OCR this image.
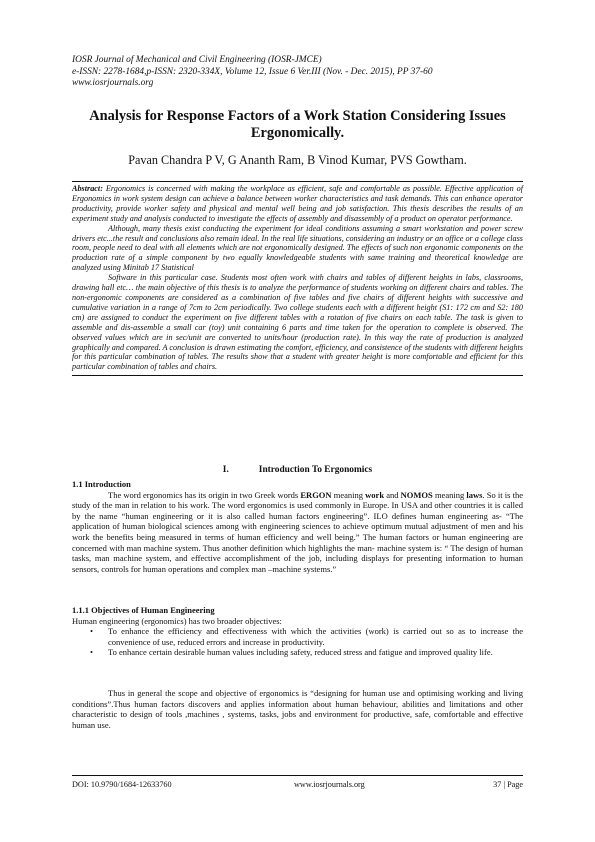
IOSR Journal of Mechanical and Civil Engineering (IOSR-JMCE)
e-ISSN: 2278-1684,p-ISSN: 2320-334X, Volume 12, Issue 6 Ver.III (Nov. - Dec. 2015), PP 37-60
www.iosrjournals.org
Analysis for Response Factors of a Work Station Considering Issues Ergonomically.
Pavan Chandra P V, G Ananth Ram, B Vinod Kumar, PVS Gowtham.

Abstract: Ergonomics is concerned with making the workplace as efficient, safe and comfortable as possible. Effective application of Ergonomics in work system design can achieve a balance between worker characteristics and task demands. This can enhance operator productivity, provide worker safety and physical and mental well being and job satisfaction. This thesis describes the results of an experiment study and analysis conducted to investigate the effects of assembly and disassembly of a product on operator performance.

Although, many thesis exist conducting the experiment for ideal conditions assuming a smart workstation and power screw drivers etc...the result and conclusions also remain ideal. In the real life situations, considering an industry or an office or a college class room, people need to deal with all elements which are not ergonomically designed. The effects of such non ergonomic components on the production rate of a simple component by two equally knowledgeable students with same training and theoretical knowledge are analyzed using Minitab 17 Statistical

Software in this particular case. Students most often work with chairs and tables of different heights in labs, classrooms, drawing hall etc… the main objective of this thesis is to analyze the performance of students working on different chairs and tables. The non-ergonomic components are considered as a combination of five tables and five chairs of different heights with successive and cumulative variation in a range of 7cm to 2cm periodically. Two college students each with a different height (S1: 172 cm and S2: 180 cm) are assigned to conduct the experiment on five different tables with a rotation of five chairs on each table. The task is given to assemble and dis-assemble a small car (toy) unit containing 6 parts and time taken for the operation to complete is observed. The observed values which are in sec/unit are converted to units/hour (production rate). In this way the rate of production is analyzed graphically and compared. A conclusion is drawn estimating the comfort, efficiency, and consistence of the students with different heights for this particular combination of tables. The results show that a student with greater height is more comfortable and efficient for this particular combination of tables and chairs.

I.	Introduction To Ergonomics

1.1 Introduction

The word ergonomics has its origin in two Greek words ERGON meaning work and NOMOS meaning laws. So it is the study of the man in relation to his work. The word ergonomics is used commonly in Europe. In USA and other countries it is called by the name “human engineering or it is also called human factors engineering”. ILO defines human engineering as- “The application of human biological sciences among with engineering sciences to achieve optimum mutual adjustment of men and his work the benefits being measured in terms of human efficiency and well being.” The human factors or human engineering are concerned with man machine system. Thus another definition which highlights the man- machine system is: “ The design of human tasks, man machine system, and effective accomplishment of the job, including displays for presenting information to human sensors, controls for human operations and complex man –machine systems.”

1.1.1 Objectives of Human Engineering

Human engineering (ergonomics) has two broader objectives:

• To enhance the efficiency and effectiveness with which the activities (work) is carried out so as to increase the convenience of use, reduced errors and increase in productivity.
• To enhance certain desirable human values including safety, reduced stress and fatigue and improved quality life.

Thus in general the scope and objective of ergonomics is “designing for human use and optimising working and living conditions”.Thus human factors discovers and applies information about human behaviour, abilities and limitations and other characteristic to design of tools ,machines , systems, tasks, jobs and environment for productive, safe, comfortable and effective human use.

DOI: 10.9790/1684-12633760	www.iosrjournals.org	37 | Page
